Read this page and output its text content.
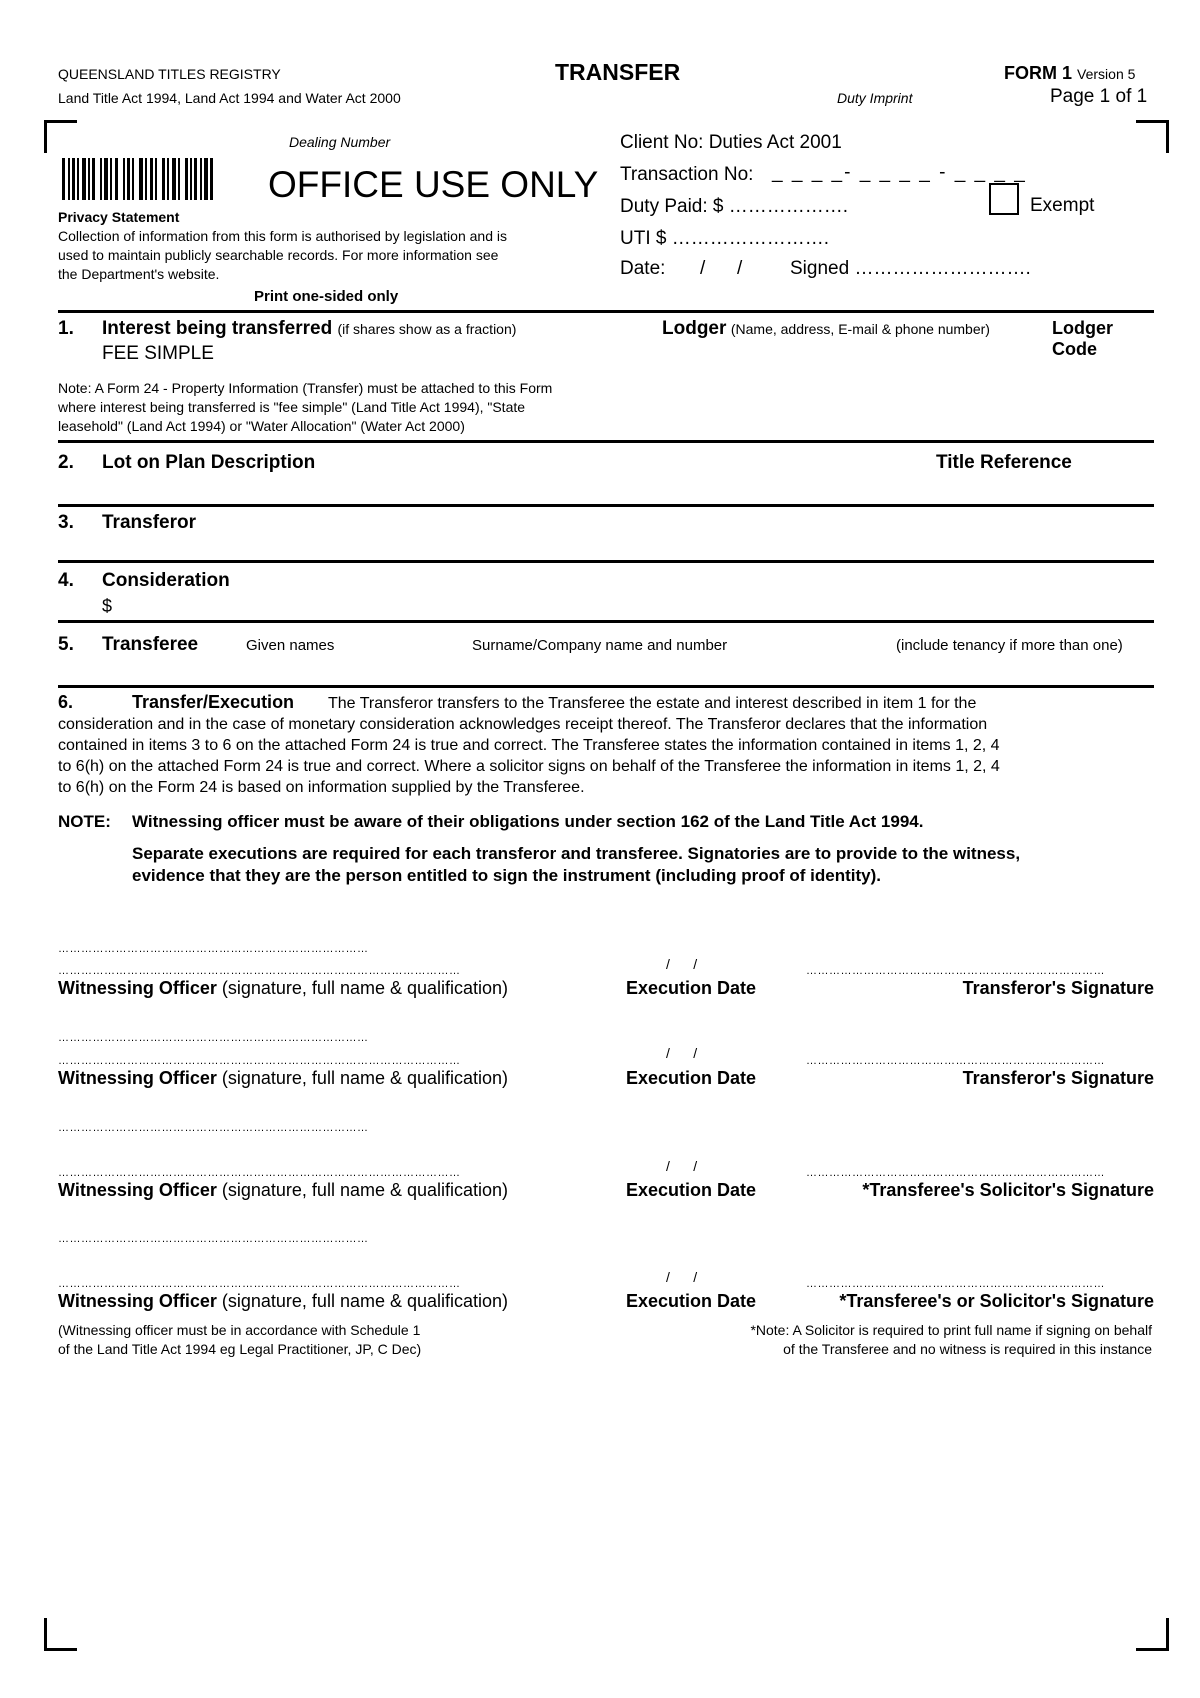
QUEENSLAND TITLES REGISTRY
Land Title Act 1994, Land Act 1994 and Water Act 2000
TRANSFER
Duty Imprint
FORM 1 Version 5
Page 1 of 1
Dealing Number
OFFICE USE ONLY
Privacy Statement
Collection of information from this form is authorised by legislation and is
used to maintain publicly searchable records. For more information see
the Department's website.
Print one-sided only
Client No: Duties Act 2001
Transaction No: _ _ _ _- _ _ _ _ - _ _ _ _
Duty Paid: $ ……………….	Exempt
UTI $ …………………….
Date: /      /	Signed ……………………….
1. Interest being transferred (if shares show as a fraction)
FEE SIMPLE
Lodger (Name, address, E-mail & phone number)	Lodger
Code
Note: A Form 24 - Property Information (Transfer) must be attached to this Form
where interest being transferred is "fee simple" (Land Title Act 1994), "State
leasehold" (Land Act 1994) or "Water Allocation" (Water Act 2000)
2. Lot on Plan Description	Title Reference
3. Transferor
4. Consideration
$
5. Transferee	Given names	Surname/Company name and number	(include tenancy if more than one)
6.	Transfer/Execution The Transferor transfers to the Transferee the estate and interest described in item 1 for the
consideration and in the case of monetary consideration acknowledges receipt thereof. The Transferor declares that the information
contained in items 3 to 6 on the attached Form 24 is true and correct. The Transferee states the information contained in items 1, 2, 4
to 6(h) on the attached Form 24 is true and correct. Where a solicitor signs on behalf of the Transferee the information in items 1, 2, 4
to 6(h) on the Form 24 is based on information supplied by the Transferee.
NOTE: Witnessing officer must be aware of their obligations under section 162 of the Land Title Act 1994.
Separate executions are required for each transferor and transferee. Signatories are to provide to the witness,
evidence that they are the person entitled to sign the instrument (including proof of identity).
………………………………………………………………………
……………………………………………………………………………………………	/      /	……………………………………………………………………
Witnessing Officer (signature, full name & qualification)	Execution Date	Transferor's Signature
………………………………………………………………………
……………………………………………………………………………………………	/      /	……………………………………………………………………
Witnessing Officer (signature, full name & qualification)	Execution Date	Transferor's Signature
………………………………………………………………………
……………………………………………………………………………………………	/      /	……………………………………………………………………
Witnessing Officer (signature, full name & qualification)	Execution Date	*Transferee's Solicitor's Signature
………………………………………………………………………
……………………………………………………………………………………………	/      /	……………………………………………………………………
Witnessing Officer (signature, full name & qualification)	Execution Date	*Transferee's or Solicitor's Signature
(Witnessing officer must be in accordance with Schedule 1
of the Land Title Act 1994 eg Legal Practitioner, JP, C Dec)
*Note: A Solicitor is required to print full name if signing on behalf
of the Transferee and no witness is required in this instance
